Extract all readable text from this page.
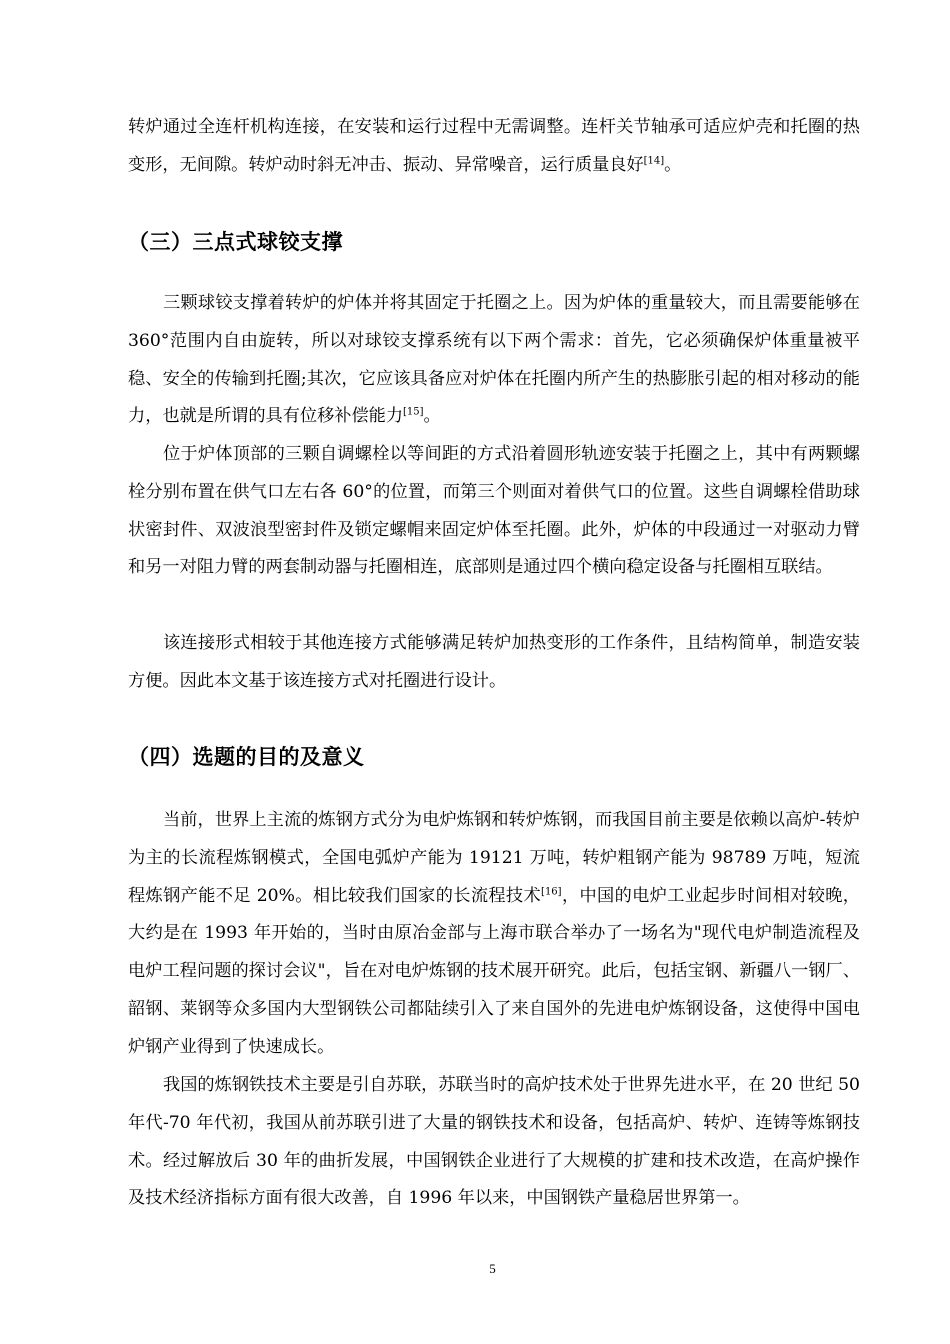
转炉通过全连杆机构连接，在安装和运行过程中无需调整。连杆关节轴承可适应炉壳和托圈的热变形，无间隙。转炉动时斜无冲击、振动、异常噪音，运行质量良好[14]。

（三）三点式球铰支撑

三颗球铰支撑着转炉的炉体并将其固定于托圈之上。因为炉体的重量较大，而且需要能够在360°范围内自由旋转，所以对球铰支撑系统有以下两个需求：首先，它必须确保炉体重量被平稳、安全的传输到托圈;其次，它应该具备应对炉体在托圈内所产生的热膨胀引起的相对移动的能力，也就是所谓的具有位移补偿能力[15]。

位于炉体顶部的三颗自调螺栓以等间距的方式沿着圆形轨迹安装于托圈之上，其中有两颗螺栓分别布置在供气口左右各 60°的位置，而第三个则面对着供气口的位置。这些自调螺栓借助球状密封件、双波浪型密封件及锁定螺帽来固定炉体至托圈。此外，炉体的中段通过一对驱动力臂和另一对阻力臂的两套制动器与托圈相连，底部则是通过四个横向稳定设备与托圈相互联结。

该连接形式相较于其他连接方式能够满足转炉加热变形的工作条件，且结构简单，制造安装方便。因此本文基于该连接方式对托圈进行设计。

（四）选题的目的及意义

当前，世界上主流的炼钢方式分为电炉炼钢和转炉炼钢，而我国目前主要是依赖以高炉-转炉为主的长流程炼钢模式，全国电弧炉产能为 19121 万吨，转炉粗钢产能为 98789 万吨，短流程炼钢产能不足 20%。相比较我们国家的长流程技术[16]，中国的电炉工业起步时间相对较晚，大约是在 1993 年开始的，当时由原冶金部与上海市联合举办了一场名为"现代电炉制造流程及电炉工程问题的探讨会议"，旨在对电炉炼钢的技术展开研究。此后，包括宝钢、新疆八一钢厂、韶钢、莱钢等众多国内大型钢铁公司都陆续引入了来自国外的先进电炉炼钢设备，这使得中国电炉钢产业得到了快速成长。

我国的炼钢铁技术主要是引自苏联，苏联当时的高炉技术处于世界先进水平，在 20 世纪 50 年代-70 年代初，我国从前苏联引进了大量的钢铁技术和设备，包括高炉、转炉、连铸等炼钢技术。经过解放后 30 年的曲折发展，中国钢铁企业进行了大规模的扩建和技术改造，在高炉操作及技术经济指标方面有很大改善，自 1996 年以来，中国钢铁产量稳居世界第一。

5
